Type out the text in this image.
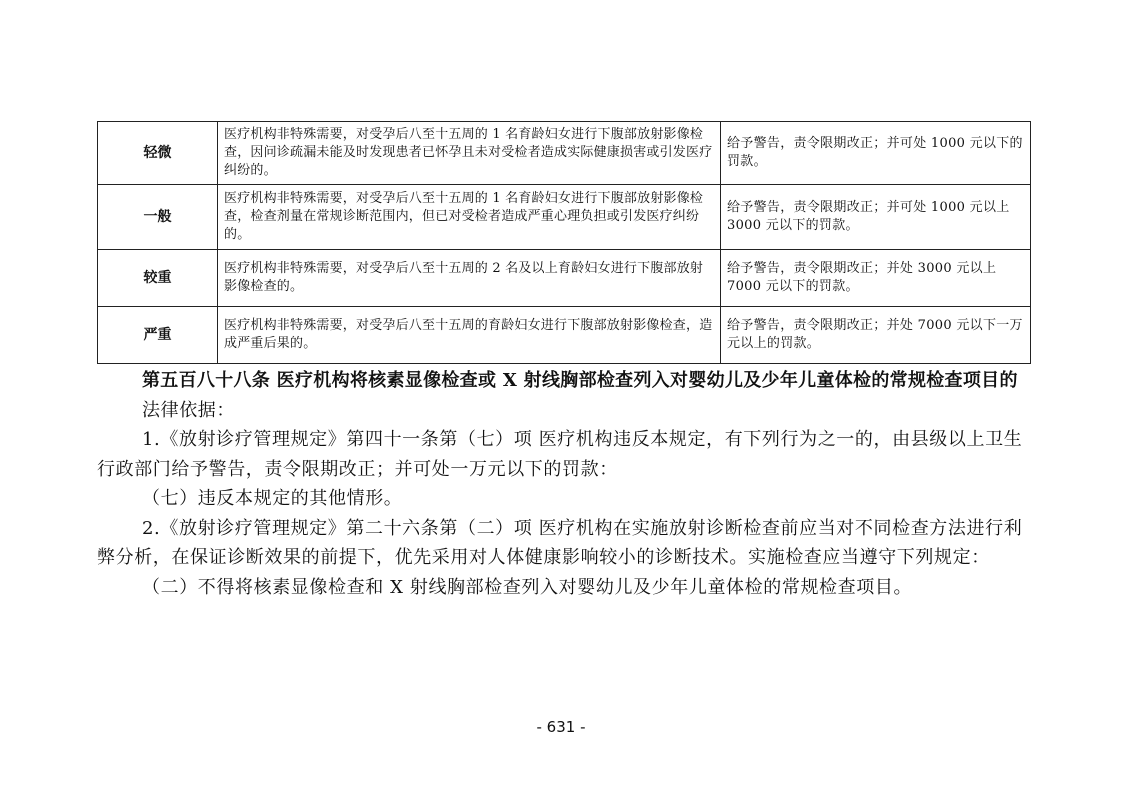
轻微	医疗机构非特殊需要，对受孕后八至十五周的 1 名育龄妇女进行下腹部放射影像检查，因问诊疏漏未能及时发现患者已怀孕且未对受检者造成实际健康损害或引发医疗纠纷的。	给予警告，责令限期改正；并可处 1000 元以下的罚款。
一般	医疗机构非特殊需要，对受孕后八至十五周的 1 名育龄妇女进行下腹部放射影像检查，检查剂量在常规诊断范围内，但已对受检者造成严重心理负担或引发医疗纠纷的。	给予警告，责令限期改正；并可处 1000 元以上 3000 元以下的罚款。
较重	医疗机构非特殊需要，对受孕后八至十五周的 2 名及以上育龄妇女进行下腹部放射影像检查的。	给予警告，责令限期改正；并处 3000 元以上 7000 元以下的罚款。
严重	医疗机构非特殊需要，对受孕后八至十五周的育龄妇女进行下腹部放射影像检查，造成严重后果的。	给予警告，责令限期改正；并处 7000 元以下一万元以上的罚款。

第五百八十八条 医疗机构将核素显像检查或 X 射线胸部检查列入对婴幼儿及少年儿童体检的常规检查项目的

法律依据：

1.《放射诊疗管理规定》第四十一条第（七）项 医疗机构违反本规定，有下列行为之一的，由县级以上卫生行政部门给予警告，责令限期改正；并可处一万元以下的罚款：

（七）违反本规定的其他情形。

2.《放射诊疗管理规定》第二十六条第（二）项 医疗机构在实施放射诊断检查前应当对不同检查方法进行利弊分析，在保证诊断效果的前提下，优先采用对人体健康影响较小的诊断技术。实施检查应当遵守下列规定：

（二）不得将核素显像检查和 X 射线胸部检查列入对婴幼儿及少年儿童体检的常规检查项目。

- 631 -
